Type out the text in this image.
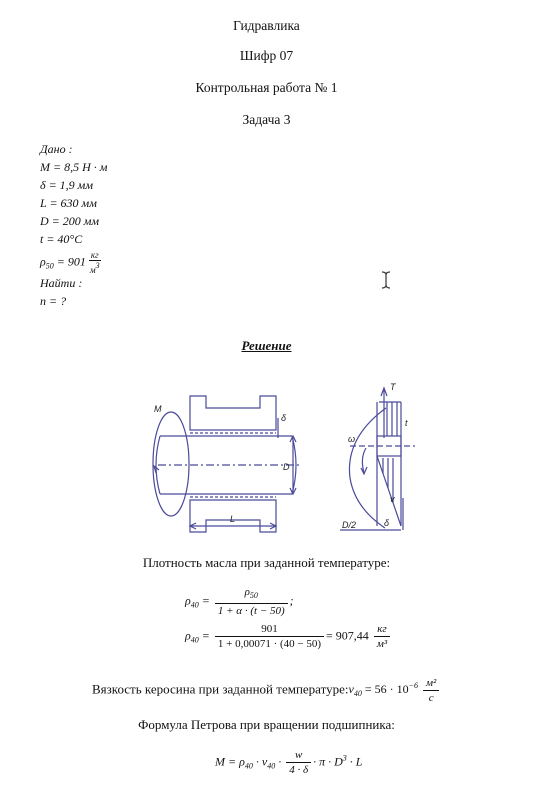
Гидравлика
Шифр 07
Контрольная работа № 1
Задача 3
Дано :
M = 8,5 Н · м
δ = 1,9 мм
L = 630 мм
D = 200 мм
t = 40°C
$\rho_{50} = 901 \frac{кг}{м3}$
Найти :
n = ?
Решение
M
δ
D
L
D/2
ω
T
t
v
δ
Плотность масла при заданной температуре:
$\rho_{40} = \frac{\rho_{50}}{1 + \alpha \cdot (t - 50)}$ ;
$\rho_{40} = \frac{901}{1 + 0,00071 \cdot (40 - 50)} = 907,44 \frac{кг}{\text{м³}}$
Вязкость керосина при заданной $температуре:\nu_{40} = 56 \cdot 10^{-6} \frac{\text{м²}}{с}$
Формула Петрова при вращении подшипника:
$M = \rho_{40} \cdot \nu_{40} \cdot \frac{w}{4 \cdot \delta} \cdot \pi \cdot D^3 \cdot L$
